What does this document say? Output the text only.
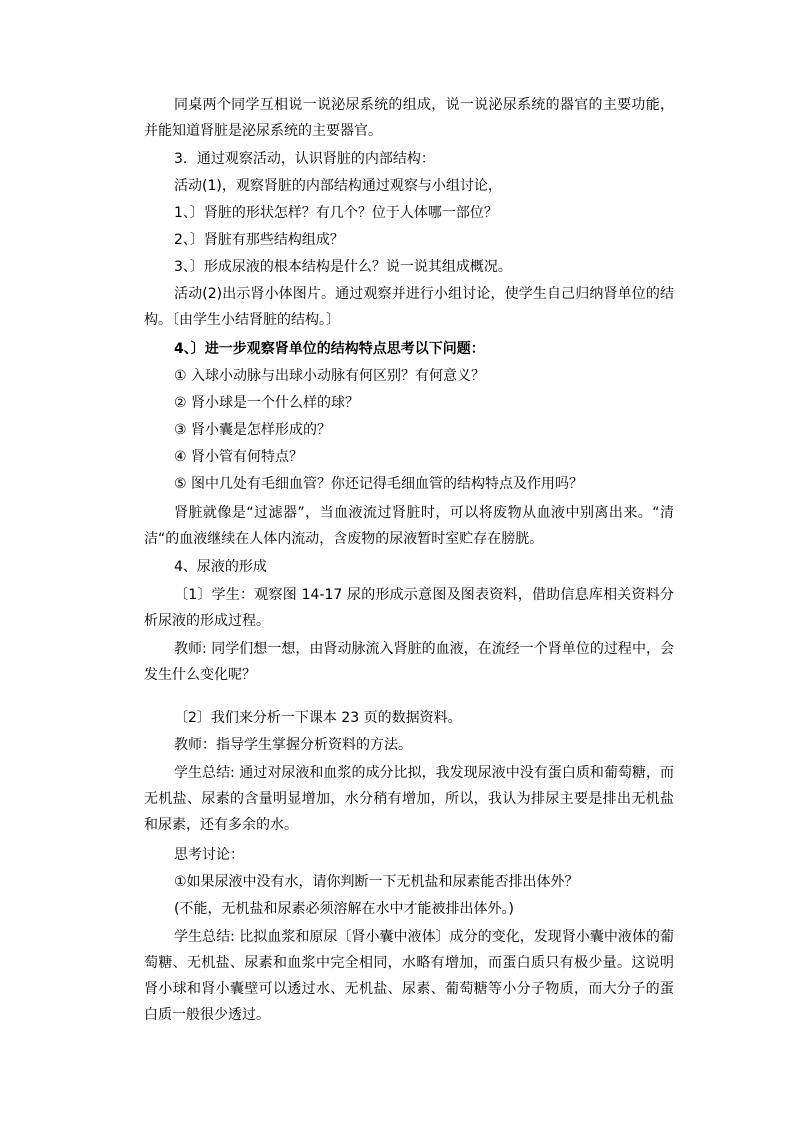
同桌两个同学互相说一说泌尿系统的组成，说一说泌尿系统的器官的主要功能，并能知道肾脏是泌尿系统的主要器官。

3．通过观察活动，认识肾脏的内部结构：

活动(1)，观察肾脏的内部结构通过观察与小组讨论，

1、〕肾脏的形状怎样？有几个？位于人体哪一部位？

2、〕肾脏有那些结构组成？

3、〕形成尿液的根本结构是什么？说一说其组成概况。

活动(2)出示肾小体图片。通过观察并进行小组讨论，使学生自己归纳肾单位的结构。〔由学生小结肾脏的结构。〕

4、〕进一步观察肾单位的结构特点思考以下问题：

① 入球小动脉与出球小动脉有何区别？有何意义？

② 肾小球是一个什么样的球？

③ 肾小囊是怎样形成的？

④ 肾小管有何特点？

⑤ 图中几处有毛细血管？你还记得毛细血管的结构特点及作用吗？

肾脏就像是“过滤器”，当血液流过肾脏时，可以将废物从血液中别离出来。“清洁“的血液继续在人体内流动，含废物的尿液暂时室贮存在膀胱。

4、尿液的形成

〔1〕学生：观察图 14-17 尿的形成示意图及图表资料，借助信息库相关资料分析尿液的形成过程。

教师: 同学们想一想，由肾动脉流入肾脏的血液，在流经一个肾单位的过程中，会发生什么变化呢？

〔2〕我们来分析一下课本 23 页的数据资料。

教师：指导学生掌握分析资料的方法。

学生总结: 通过对尿液和血浆的成分比拟，我发现尿液中没有蛋白质和葡萄糖，而无机盐、尿素的含量明显增加，水分稍有增加，所以，我认为排尿主要是排出无机盐和尿素，还有多余的水。

思考讨论：

①如果尿液中没有水，请你判断一下无机盐和尿素能否排出体外？

(不能，无机盐和尿素必须溶解在水中才能被排出体外。)

学生总结: 比拟血浆和原尿〔肾小囊中液体〕成分的变化，发现肾小囊中液体的葡萄糖、无机盐、尿素和血浆中完全相同，水略有增加，而蛋白质只有极少量。这说明肾小球和肾小囊壁可以透过水、无机盐、尿素、葡萄糖等小分子物质，而大分子的蛋白质一般很少透过。
